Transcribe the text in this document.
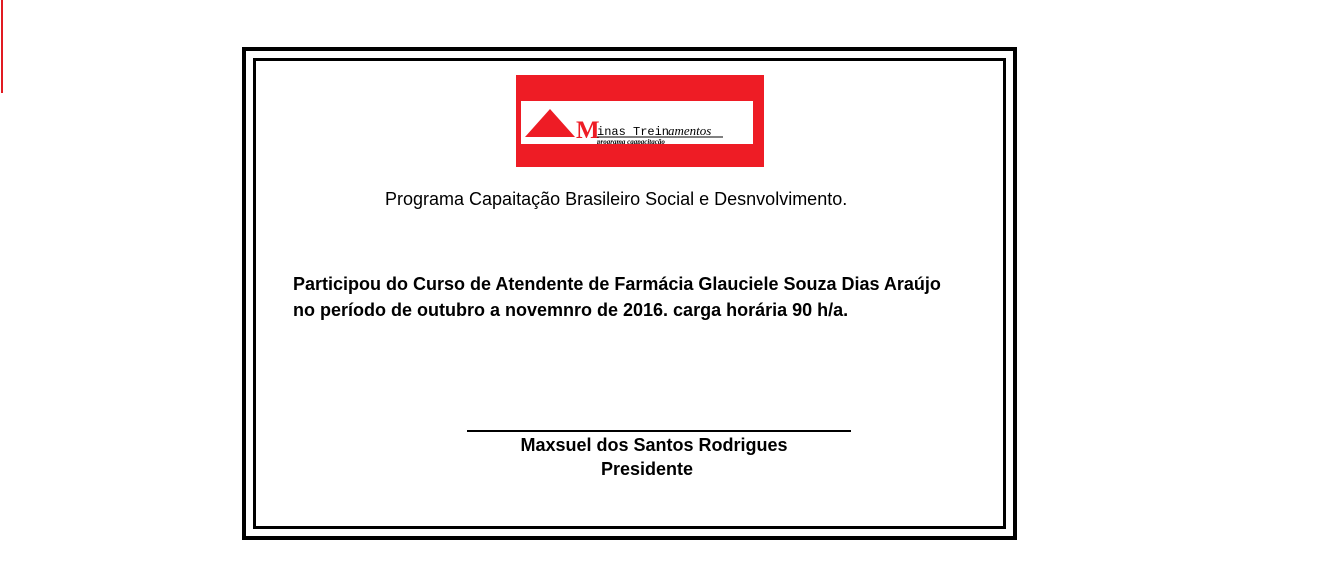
M
inas Trein
amentos
programa caapacitação
Programa Capaitação Brasileiro Social e Desnvolvimento.
Participou do Curso de Atendente de Farmácia Glauciele Souza Dias Araújo no período de outubro a novemnro de 2016. carga horária 90 h/a.
Maxsuel dos Santos Rodrigues
Presidente
